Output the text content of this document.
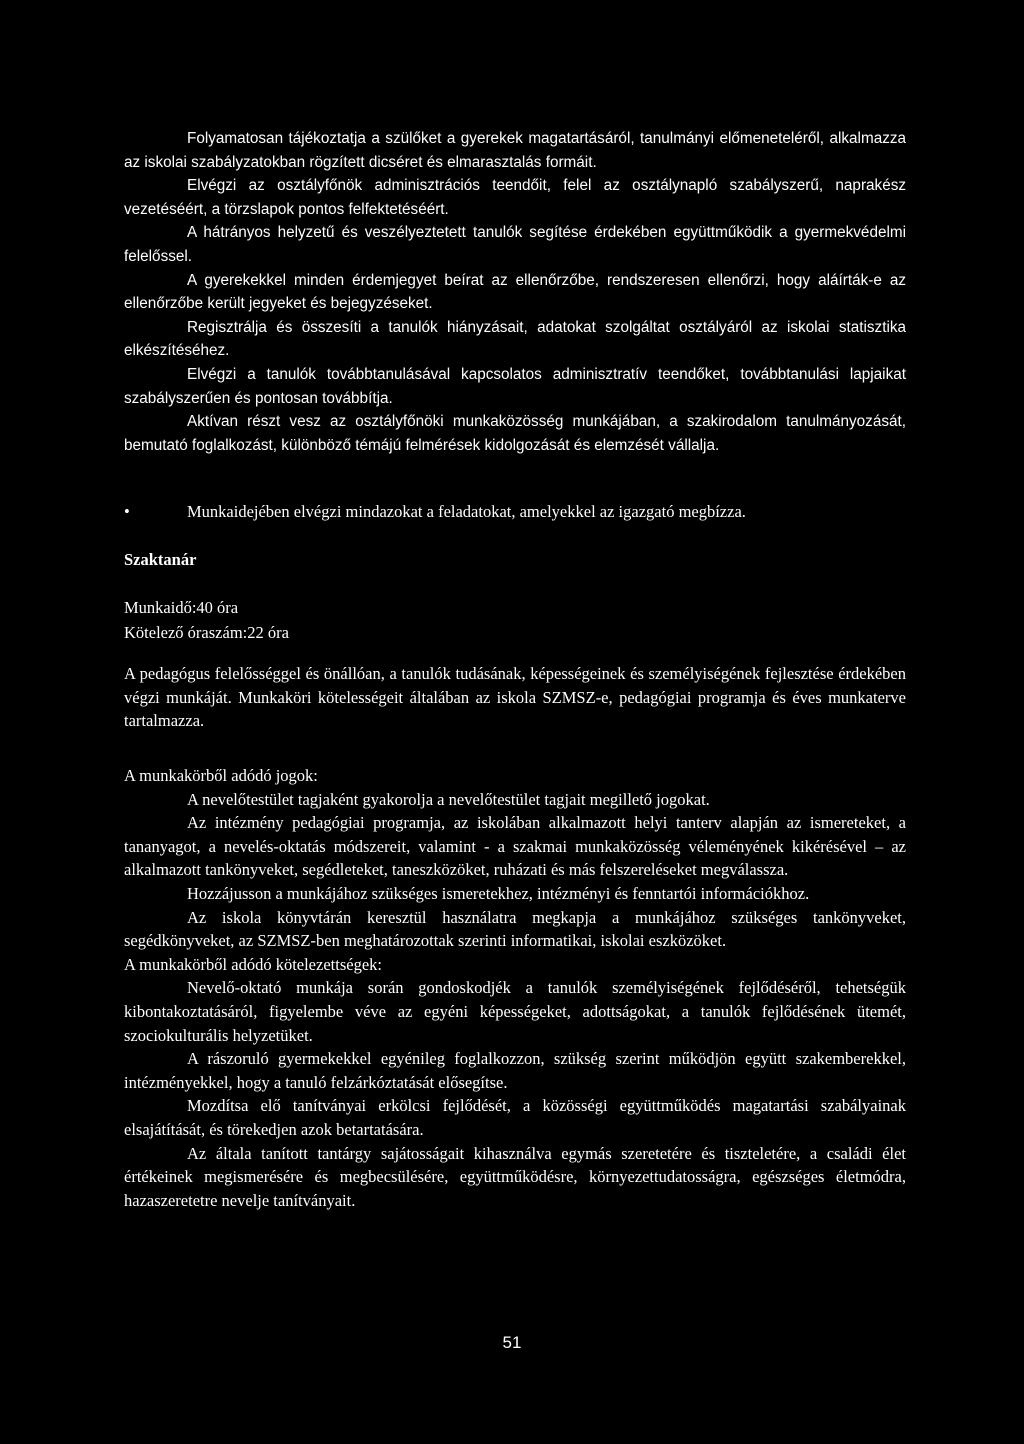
Folyamatosan tájékoztatja a szülőket a gyerekek magatartásáról, tanulmányi előmeneteléről, alkalmazza az iskolai szabályzatokban rögzített dicséret és elmarasztalás formáit.

Elvégzi az osztályfőnök adminisztrációs teendőit, felel az osztálynapló szabályszerű, naprakész vezetéséért, a törzslapok pontos felfektetéséért.

A hátrányos helyzetű és veszélyeztetett tanulók segítése érdekében együttműködik a gyermekvédelmi felelőssel.

A gyerekekkel minden érdemjegyet beírat az ellenőrzőbe, rendszeresen ellenőrzi, hogy aláírták-e az ellenőrzőbe került jegyeket és bejegyzéseket.

Regisztrálja és összesíti a tanulók hiányzásait, adatokat szolgáltat osztályáról az iskolai statisztika elkészítéséhez.

Elvégzi a tanulók továbbtanulásával kapcsolatos adminisztratív teendőket, továbbtanulási lapjaikat szabályszerűen és pontosan továbbítja.

Aktívan részt vesz az osztályfőnöki munkaközösség munkájában, a szakirodalom tanulmányozását, bemutató foglalkozást, különböző témájú felmérések kidolgozását és elemzését vállalja.

•	Munkaidejében elvégzi mindazokat a feladatokat, amelyekkel az igazgató megbízza.

Szaktanár
Munkaidő:40 óra
Kötelező óraszám:22 óra

A pedagógus felelősséggel és önállóan, a tanulók tudásának, képességeinek és személyiségének fejlesztése érdekében végzi munkáját. Munkaköri kötelességeit általában az iskola SZMSZ-e, pedagógiai programja és éves munkaterve tartalmazza.

A munkakörből adódó jogok:

A nevelőtestület tagjaként gyakorolja a nevelőtestület tagjait megillető jogokat.

Az intézmény pedagógiai programja, az iskolában alkalmazott helyi tanterv alapján az ismereteket, a tananyagot, a nevelés-oktatás módszereit, valamint - a szakmai munkaközösség véleményének kikérésével – az alkalmazott tankönyveket, segédleteket, taneszközöket, ruházati és más felszereléseket megválassza.

Hozzájusson a munkájához szükséges ismeretekhez, intézményi és fenntartói információkhoz.

Az iskola könyvtárán keresztül használatra megkapja a munkájához szükséges tankönyveket, segédkönyveket, az SZMSZ-ben meghatározottak szerinti informatikai, iskolai eszközöket.

A munkakörből adódó kötelezettségek:

Nevelő-oktató munkája során gondoskodjék a tanulók személyiségének fejlődéséről, tehetségük kibontakoztatásáról, figyelembe véve az egyéni képességeket, adottságokat, a tanulók fejlődésének ütemét, szociokulturális helyzetüket.

A rászoruló gyermekekkel egyénileg foglalkozzon, szükség szerint működjön együtt szakemberekkel, intézményekkel, hogy a tanuló felzárkóztatását elősegítse.

Mozdítsa elő tanítványai erkölcsi fejlődését, a közösségi együttműködés magatartási szabályainak elsajátítását, és törekedjen azok betartatására.

Az általa tanított tantárgy sajátosságait kihasználva egymás szeretetére és tiszteletére, a családi élet értékeinek megismerésére és megbecsülésére, együttműködésre, környezettudatosságra, egészséges életmódra, hazaszeretetre nevelje tanítványait.

51
